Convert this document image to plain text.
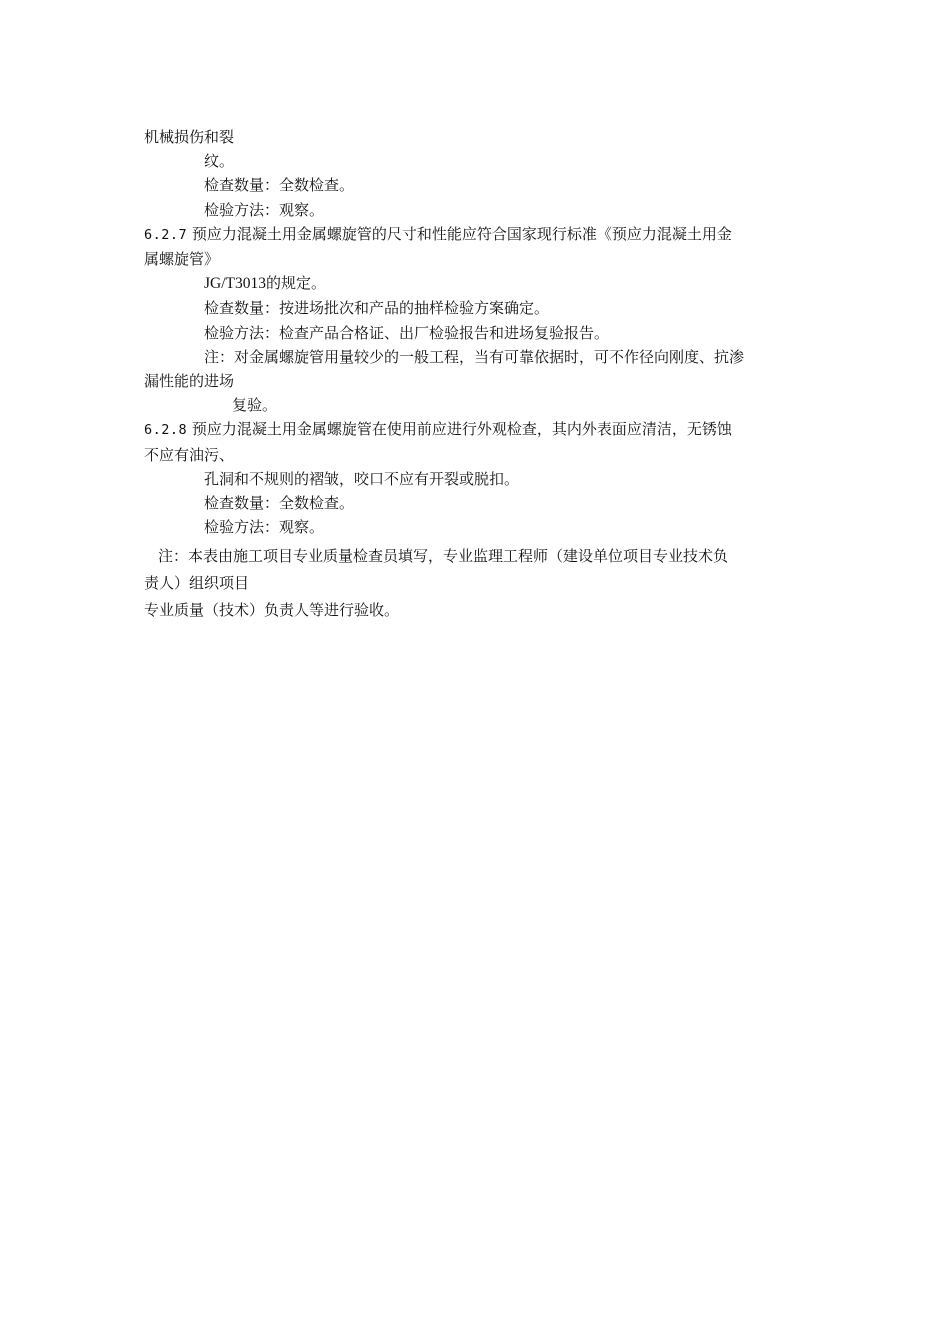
机械损伤和裂
纹。
检查数量：全数检查。
检验方法：观察。
6.2.7 预应力混凝土用金属螺旋管的尺寸和性能应符合国家现行标准《预应力混凝土用金
属螺旋管》
JG/T3013的规定。
检查数量：按进场批次和产品的抽样检验方案确定。
检验方法：检查产品合格证、出厂检验报告和进场复验报告。
注：对金属螺旋管用量较少的一般工程，当有可靠依据时，可不作径向刚度、抗渗
漏性能的进场
复验。
6.2.8 预应力混凝土用金属螺旋管在使用前应进行外观检查，其内外表面应清洁，无锈蚀
不应有油污、
孔洞和不规则的褶皱，咬口不应有开裂或脱扣。
检查数量：全数检查。
检验方法：观察。
注：本表由施工项目专业质量检查员填写，专业监理工程师（建设单位项目专业技术负
责人）组织项目
专业质量（技术）负责人等进行验收。
